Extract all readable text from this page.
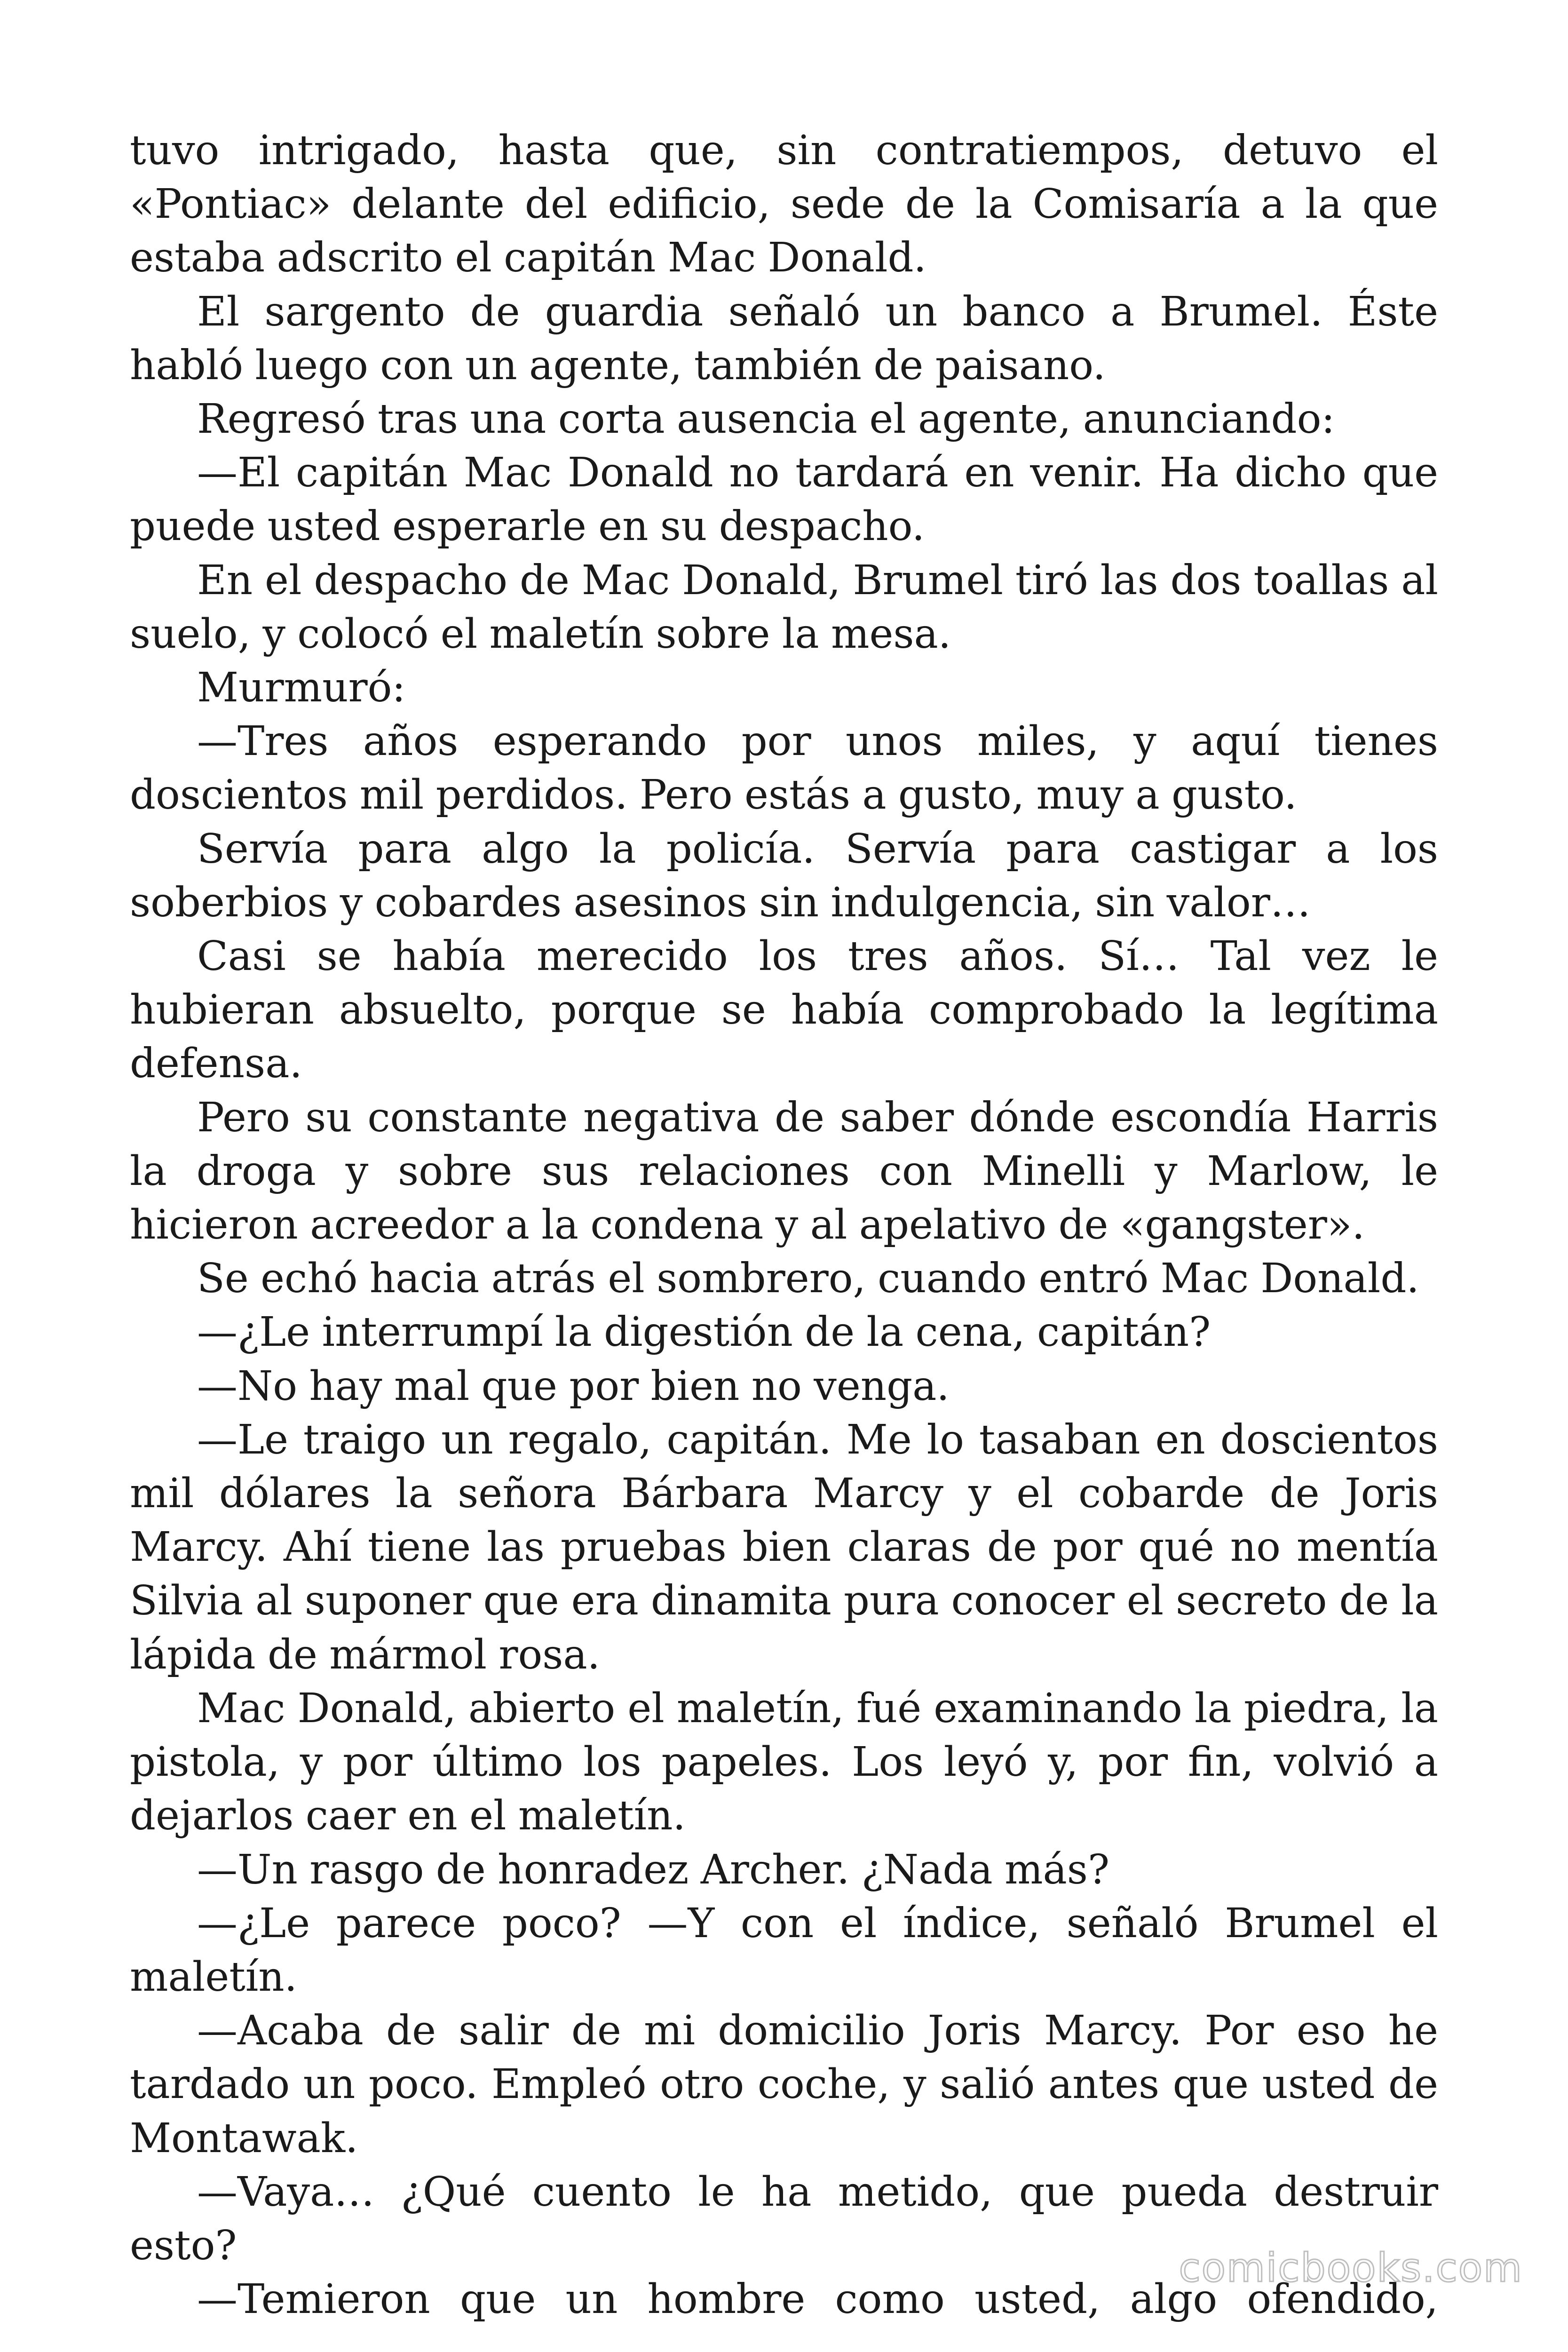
tuvo intrigado, hasta que, sin contratiempos, detuvo el «Pontiac» delante del edificio, sede de la Comisaría a la que estaba adscrito el capitán Mac Donald.

El sargento de guardia señaló un banco a Brumel. Éste habló luego con un agente, también de paisano.

Regresó tras una corta ausencia el agente, anunciando:

—El capitán Mac Donald no tardará en venir. Ha dicho que puede usted esperarle en su despacho.

En el despacho de Mac Donald, Brumel tiró las dos toallas al suelo, y colocó el maletín sobre la mesa.

Murmuró:

—Tres años esperando por unos miles, y aquí tienes doscientos mil perdidos. Pero estás a gusto, muy a gusto.

Servía para algo la policía. Servía para castigar a los soberbios y cobardes asesinos sin indulgencia, sin valor…

Casi se había merecido los tres años. Sí… Tal vez le hubieran absuelto, porque se había comprobado la legítima defensa.

Pero su constante negativa de saber dónde escondía Harris la droga y sobre sus relaciones con Minelli y Marlow, le hicieron acreedor a la condena y al apelativo de «gangster».

Se echó hacia atrás el sombrero, cuando entró Mac Donald.

—¿Le interrumpí la digestión de la cena, capitán?

—No hay mal que por bien no venga.

—Le traigo un regalo, capitán. Me lo tasaban en doscientos mil dólares la señora Bárbara Marcy y el cobarde de Joris Marcy. Ahí tiene las pruebas bien claras de por qué no mentía Silvia al suponer que era dinamita pura conocer el secreto de la lápida de mármol rosa.

Mac Donald, abierto el maletín, fué examinando la piedra, la pistola, y por último los papeles. Los leyó y, por fin, volvió a dejarlos caer en el maletín.

—Un rasgo de honradez Archer. ¿Nada más?

—¿Le parece poco? —Y con el índice, señaló Brumel el maletín.

—Acaba de salir de mi domicilio Joris Marcy. Por eso he tardado un poco. Empleó otro coche, y salió antes que usted de Montawak.

—Vaya… ¿Qué cuento le ha metido, que pueda destruir esto?

—Temieron que un hombre como usted, algo ofendido,

comicbooks.com
